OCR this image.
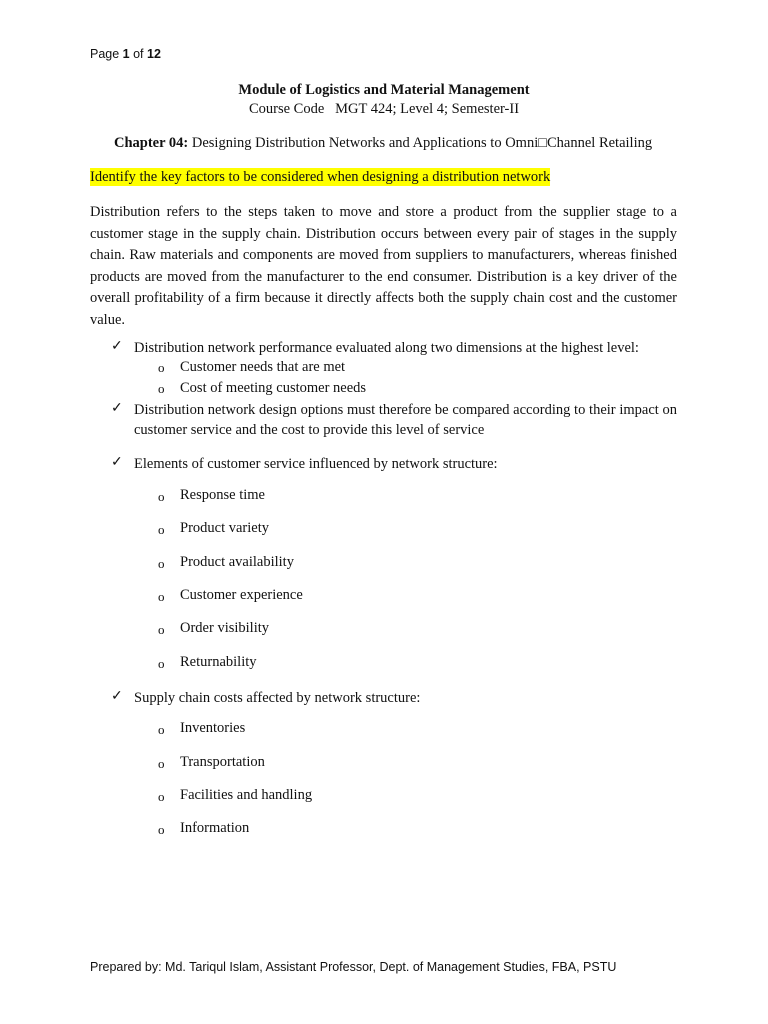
Page 1 of 12
Module of Logistics and Material Management
Course Code   MGT 424; Level 4; Semester-II
Chapter 04: Designing Distribution Networks and Applications to Omni□Channel Retailing
Identify the key factors to be considered when designing a distribution network
Distribution refers to the steps taken to move and store a product from the supplier stage to a customer stage in the supply chain. Distribution occurs between every pair of stages in the supply chain. Raw materials and components are moved from suppliers to manufacturers, whereas finished products are moved from the manufacturer to the end consumer. Distribution is a key driver of the overall profitability of a firm because it directly affects both the supply chain cost and the customer value.
✓ Distribution network performance evaluated along two dimensions at the highest level:
o Customer needs that are met
o Cost of meeting customer needs
✓ Distribution network design options must therefore be compared according to their impact on customer service and the cost to provide this level of service
✓ Elements of customer service influenced by network structure:
o Response time
o Product variety
o Product availability
o Customer experience
o Order visibility
o Returnability
✓ Supply chain costs affected by network structure:
o Inventories
o Transportation
o Facilities and handling
o Information
Prepared by: Md. Tariqul Islam, Assistant Professor, Dept. of Management Studies, FBA, PSTU
